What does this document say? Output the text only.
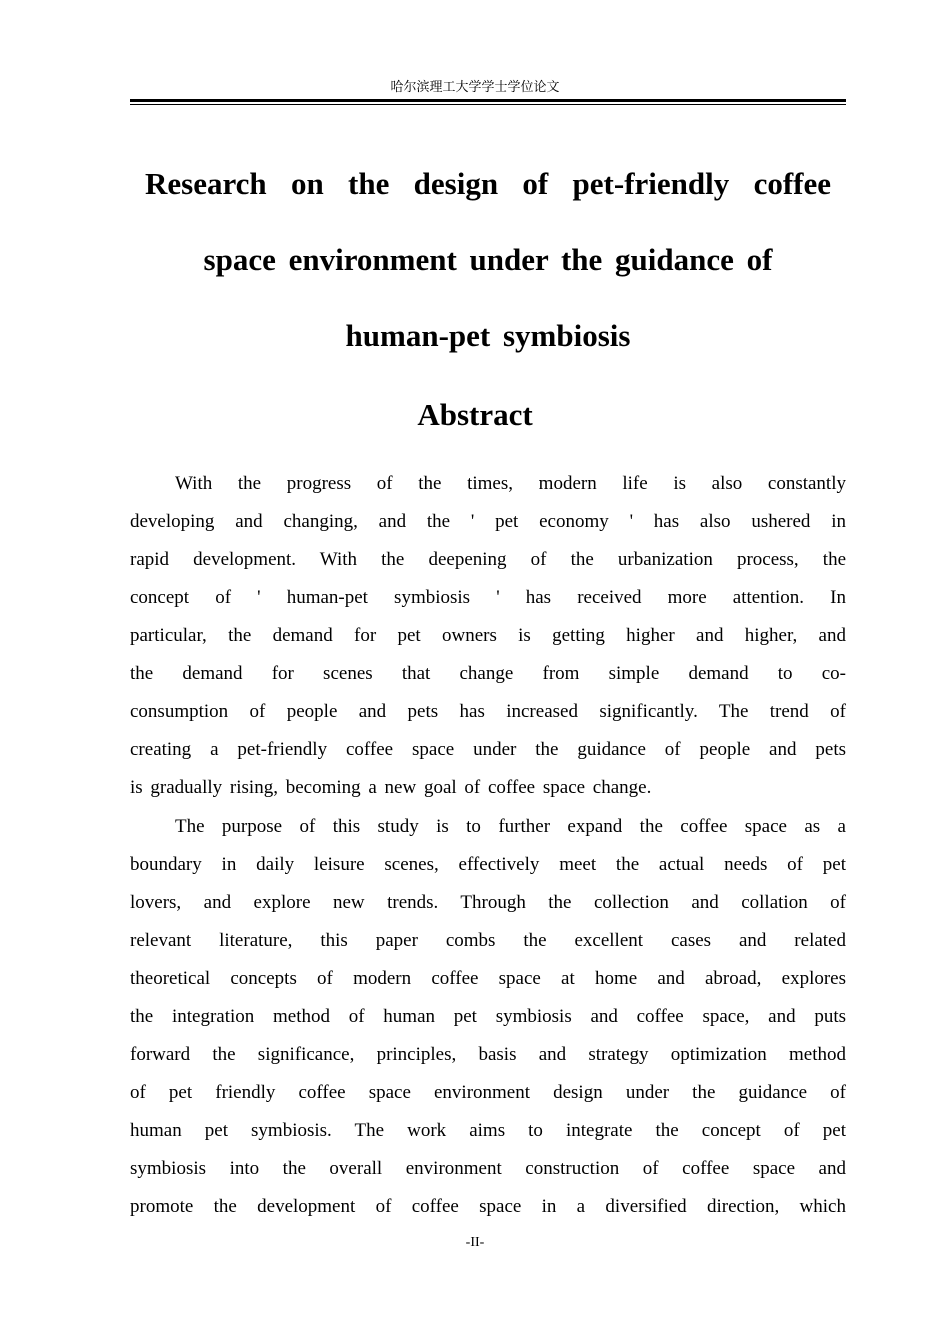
哈尔滨理工大学学士学位论文
Research on the design of pet-friendly coffee
space environment under the guidance of
human-pet symbiosis
Abstract
With the progress of the times, modern life is also constantly
developing and changing, and the ' pet economy ' has also ushered in
rapid development. With the deepening of the urbanization process, the
concept of ' human-pet symbiosis ' has received more attention. In
particular, the demand for pet owners is getting higher and higher, and
the demand for scenes that change from simple demand to co-
consumption of people and pets has increased significantly. The trend of
creating a pet-friendly coffee space under the guidance of people and pets
is gradually rising, becoming a new goal of coffee space change.
The purpose of this study is to further expand the coffee space as a
boundary in daily leisure scenes, effectively meet the actual needs of pet
lovers, and explore new trends. Through the collection and collation of
relevant literature, this paper combs the excellent cases and related
theoretical concepts of modern coffee space at home and abroad, explores
the integration method of human pet symbiosis and coffee space, and puts
forward the significance, principles, basis and strategy optimization method
of pet friendly coffee space environment design under the guidance of
human pet symbiosis. The work aims to integrate the concept of pet
symbiosis into the overall environment construction of coffee space and
promote the development of coffee space in a diversified direction, which
-II-
